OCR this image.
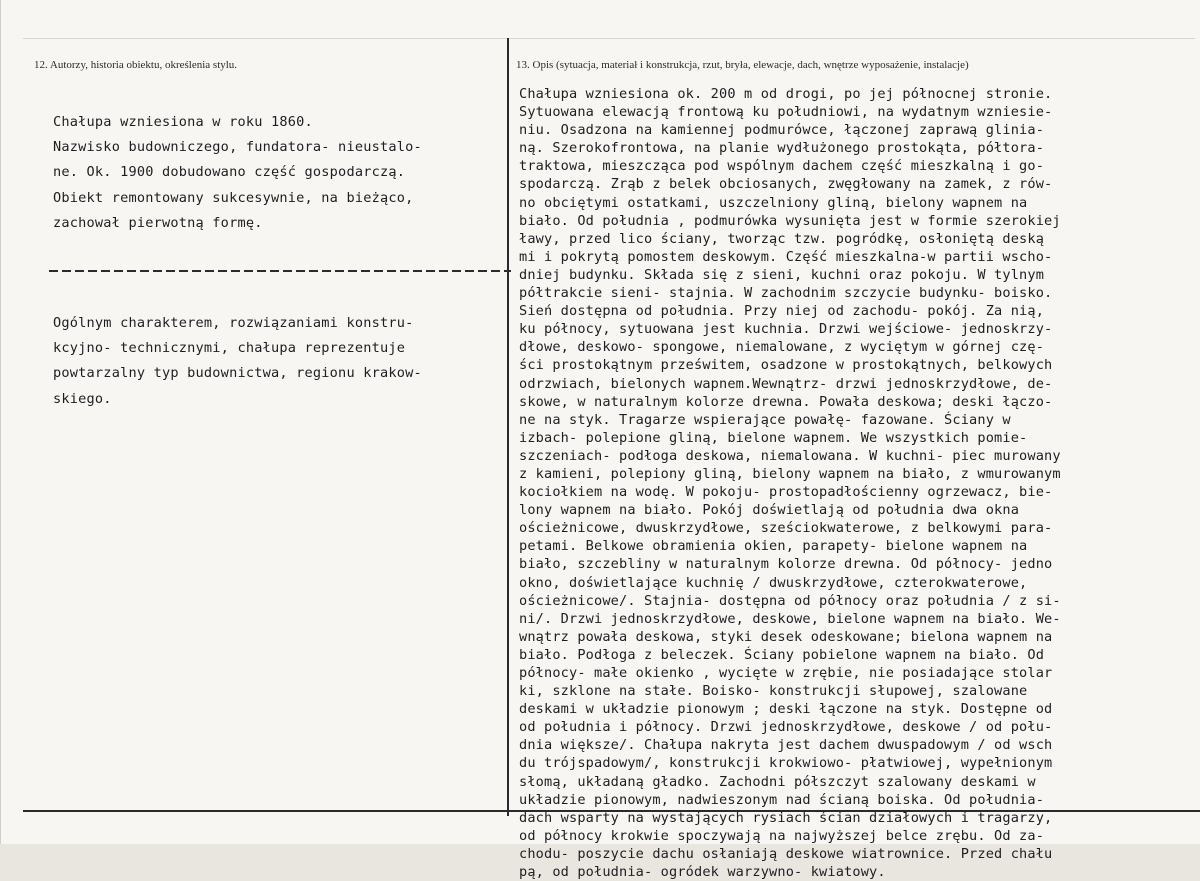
12. Autorzy, historia obiektu, określenia stylu.	13. Opis (sytuacja, materiał i konstrukcja, rzut, bryła, elewacje, dach, wnętrze wyposażenie, instalacje)
Chałupa wzniesiona w roku 1860.
Nazwisko budowniczego, fundatora- nieustalo-
ne. Ok. 1900 dobudowano część gospodarczą.
Obiekt remontowany sukcesywnie, na bieżąco,
zachował pierwotną formę.
Ogólnym charakterem, rozwiązaniami konstru-
kcyjno- technicznymi, chałupa reprezentuje
powtarzalny typ budownictwa, regionu krakow-
skiego.
Chałupa wzniesiona ok. 200 m od drogi, po jej północnej stronie.
Sytuowana elewacją frontową ku południowi, na wydatnym wzniesie-
niu. Osadzona na kamiennej podmurówce, łączonej zaprawą glinia-
ną. Szerokofrontowa, na planie wydłużonego prostokąta, półtora-
traktowa, mieszcząca pod wspólnym dachem część mieszkalną i go-
spodarczą. Zrąb z belek obciosanych, zwęgłowany na zamek, z rów-
no obciętymi ostatkami, uszczelniony gliną, bielony wapnem na
biało. Od południa , podmurówka wysunięta jest w formie szerokiej
ławy, przed lico ściany, tworząc tzw. pogródkę, osłoniętą deską
mi i pokrytą pomostem deskowym. Część mieszkalna-w partii wscho-
dniej budynku. Składa się z sieni, kuchni oraz pokoju. W tylnym
półtrakcie sieni- stajnia. W zachodnim szczycie budynku- boisko.
Sień dostępna od południa. Przy niej od zachodu- pokój. Za nią,
ku północy, sytuowana jest kuchnia. Drzwi wejściowe- jednoskrzy-
dłowe, deskowo- spongowe, niemalowane, z wyciętym w górnej czę-
ści prostokątnym prześwitem, osadzone w prostokątnych, belkowych
odrzwiach, bielonych wapnem.Wewnątrz- drzwi jednoskrzydłowe, de-
skowe, w naturalnym kolorze drewna. Powała deskowa; deski łączo-
ne na styk. Tragarze wspierające powałę- fazowane. Ściany w
izbach- polepione gliną, bielone wapnem. We wszystkich pomie-
szczeniach- podłoga deskowa, niemalowana. W kuchni- piec murowany
z kamieni, polepiony gliną, bielony wapnem na biało, z wmurowanym
kociołkiem na wodę. W pokoju- prostopadłościenny ogrzewacz, bie-
lony wapnem na biało. Pokój doświetlają od południa dwa okna
ościeżnicowe, dwuskrzydłowe, sześciokwaterowe, z belkowymi para-
petami. Belkowe obramienia okien, parapety- bielone wapnem na
biało, szczebliny w naturalnym kolorze drewna. Od północy- jedno
okno, doświetlające kuchnię / dwuskrzydłowe, czterokwaterowe,
ościeżnicowe/. Stajnia- dostępna od północy oraz południa / z si-
ni/. Drzwi jednoskrzydłowe, deskowe, bielone wapnem na biało. We-
wnątrz powała deskowa, styki desek odeskowane; bielona wapnem na
biało. Podłoga z beleczek. Ściany pobielone wapnem na biało. Od
północy- małe okienko , wycięte w zrębie, nie posiadające stolar
ki, szklone na stałe. Boisko- konstrukcji słupowej, szalowane
deskami w układzie pionowym ; deski łączone na styk. Dostępne od
od południa i północy. Drzwi jednoskrzydłowe, deskowe / od połu-
dnia większe/. Chałupa nakryta jest dachem dwuspadowym / od wsch
du trójspadowym/, konstrukcji krokwiowo- płatwiowej, wypełnionym
słomą, układaną gładko. Zachodni półszczyt szalowany deskami w
układzie pionowym, nadwieszonym nad ścianą boiska. Od południa-
dach wsparty na wystających rysiach ścian działowych i tragarzy,
od północy krokwie spoczywają na najwyższej belce zrębu. Od za-
chodu- poszycie dachu osłaniają deskowe wiatrownice. Przed chału
pą, od południa- ogródek warzywno- kwiatowy.
